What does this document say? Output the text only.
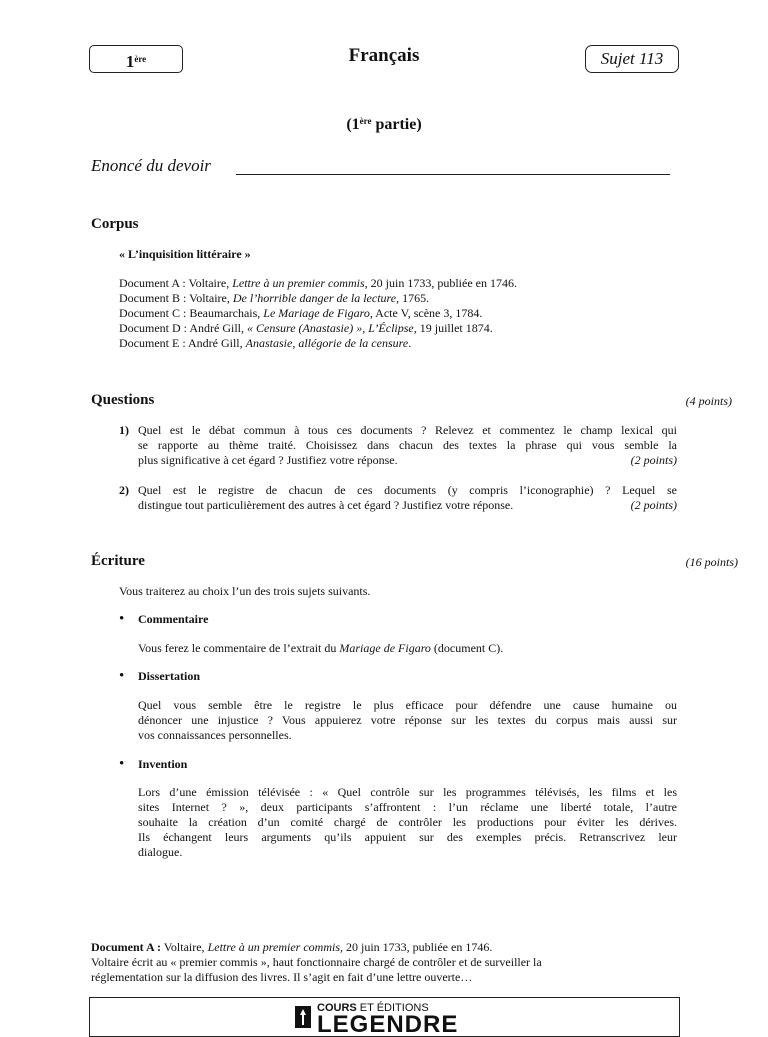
1ère	Français	Sujet 113
(1ère partie)
Enoncé du devoir
Corpus
« L’inquisition littéraire »
Document A : Voltaire, Lettre à un premier commis, 20 juin 1733, publiée en 1746.
Document B : Voltaire, De l’horrible danger de la lecture, 1765.
Document C : Beaumarchais, Le Mariage de Figaro, Acte V, scène 3, 1784.
Document D : André Gill, « Censure (Anastasie) », L’Éclipse, 19 juillet 1874.
Document E : André Gill, Anastasie, allégorie de la censure.
Questions	(4 points)
1) Quel est le débat commun à tous ces documents ? Relevez et commentez le champ lexical qui
se rapporte au thème traité. Choisissez dans chacun des textes la phrase qui vous semble la
plus significative à cet égard ? Justifiez votre réponse.	(2 points)
2) Quel est le registre de chacun de ces documents (y compris l’iconographie) ? Lequel se
distingue tout particulièrement des autres à cet égard ? Justifiez votre réponse.	(2 points)
Écriture	(16 points)
Vous traiterez au choix l’un des trois sujets suivants.
• Commentaire
Vous ferez le commentaire de l’extrait du Mariage de Figaro (document C).
• Dissertation
Quel vous semble être le registre le plus efficace pour défendre une cause humaine ou
dénoncer une injustice ? Vous appuierez votre réponse sur les textes du corpus mais aussi sur
vos connaissances personnelles.
• Invention
Lors d’une émission télévisée : « Quel contrôle sur les programmes télévisés, les films et les
sites Internet ? », deux participants s’affrontent : l’un réclame une liberté totale, l’autre
souhaite la création d’un comité chargé de contrôler les productions pour éviter les dérives.
Ils échangent leurs arguments qu’ils appuient sur des exemples précis. Retranscrivez leur
dialogue.
Document A : Voltaire, Lettre à un premier commis, 20 juin 1733, publiée en 1746.
Voltaire écrit au « premier commis », haut fonctionnaire chargé de contrôler et de surveiller la
réglementation sur la diffusion des livres. Il s’agit en fait d’une lettre ouverte…
COURS ET ÉDITIONS
LEGENDRE
